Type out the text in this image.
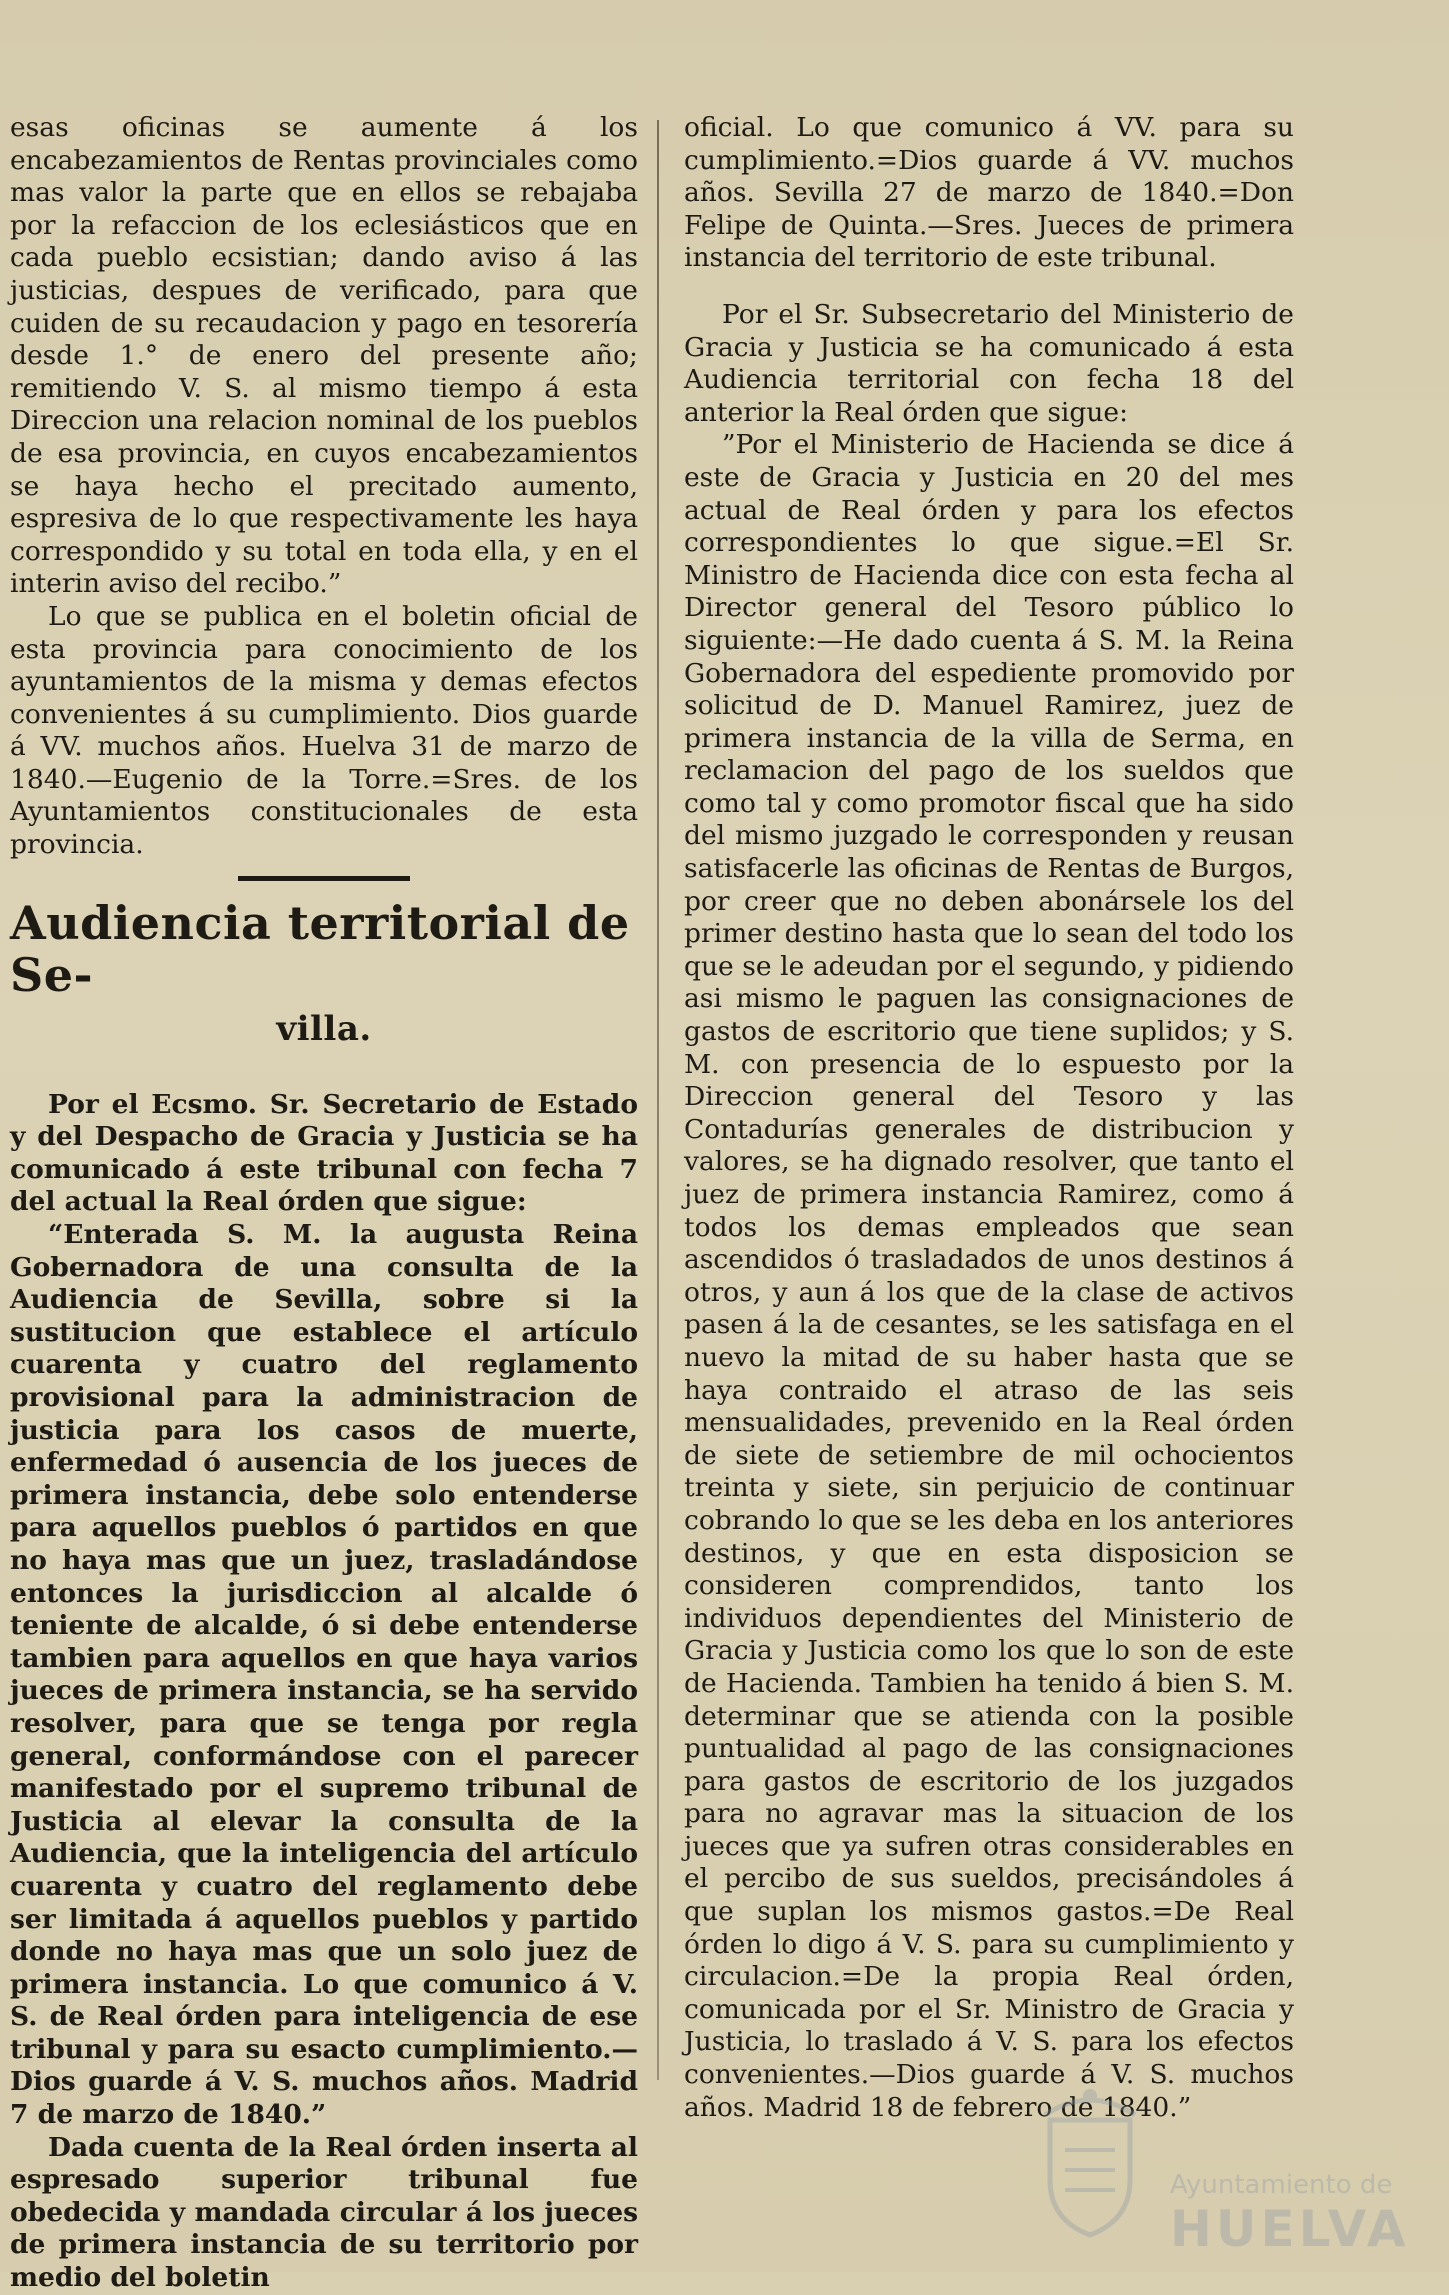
esas oficinas se aumente á los encabezamientos de Rentas provinciales como mas valor la parte que en ellos se rebajaba por la refaccion de los eclesiásticos que en cada pueblo ecsistian; dando aviso á las justicias, despues de verificado, para que cuiden de su recaudacion y pago en tesorería desde 1.° de enero del presente año; remitiendo V. S. al mismo tiempo á esta Direccion una relacion nominal de los pueblos de esa provincia, en cuyos encabezamientos se haya hecho el precitado aumento, espresiva de lo que respectivamente les haya correspondido y su total en toda ella, y en el interin aviso del recibo.”

Lo que se publica en el boletin oficial de esta provincia para conocimiento de los ayuntamientos de la misma y demas efectos convenientes á su cumplimiento. Dios guarde á VV. muchos años. Huelva 31 de marzo de 1840.—Eugenio de la Torre.=Sres. de los Ayuntamientos constitucionales de esta provincia.

Audiencia territorial de Se-
villa.

Por el Ecsmo. Sr. Secretario de Estado y del Despacho de Gracia y Justicia se ha comunicado á este tribunal con fecha 7 del actual la Real órden que sigue:

“Enterada S. M. la augusta Reina Gobernadora de una consulta de la Audiencia de Sevilla, sobre si la sustitucion que establece el artículo cuarenta y cuatro del reglamento provisional para la administracion de justicia para los casos de muerte, enfermedad ó ausencia de los jueces de primera instancia, debe solo entenderse para aquellos pueblos ó partidos en que no haya mas que un juez, trasladándose entonces la jurisdiccion al alcalde ó teniente de alcalde, ó si debe entenderse tambien para aquellos en que haya varios jueces de primera instancia, se ha servido resolver, para que se tenga por regla general, conformándose con el parecer manifestado por el supremo tribunal de Justicia al elevar la consulta de la Audiencia, que la inteligencia del artículo cuarenta y cuatro del reglamento debe ser limitada á aquellos pueblos y partido donde no haya mas que un solo juez de primera instancia. Lo que comunico á V. S. de Real órden para inteligencia de ese tribunal y para su esacto cumplimiento.—Dios guarde á V. S. muchos años. Madrid 7 de marzo de 1840.”

Dada cuenta de la Real órden inserta al espresado superior tribunal fue obedecida y mandada circular á los jueces de primera instancia de su territorio por medio del boletin

oficial. Lo que comunico á VV. para su cumplimiento.=Dios guarde á VV. muchos años. Sevilla 27 de marzo de 1840.=Don Felipe de Quinta.—Sres. Jueces de primera instancia del territorio de este tribunal.

Por el Sr. Subsecretario del Ministerio de Gracia y Justicia se ha comunicado á esta Audiencia territorial con fecha 18 del anterior la Real órden que sigue:

”Por el Ministerio de Hacienda se dice á este de Gracia y Justicia en 20 del mes actual de Real órden y para los efectos correspondientes lo que sigue.=El Sr. Ministro de Hacienda dice con esta fecha al Director general del Tesoro público lo siguiente:—He dado cuenta á S. M. la Reina Gobernadora del espediente promovido por solicitud de D. Manuel Ramirez, juez de primera instancia de la villa de Serma, en reclamacion del pago de los sueldos que como tal y como promotor fiscal que ha sido del mismo juzgado le corresponden y reusan satisfacerle las oficinas de Rentas de Burgos, por creer que no deben abonársele los del primer destino hasta que lo sean del todo los que se le adeudan por el segundo, y pidiendo asi mismo le paguen las consignaciones de gastos de escritorio que tiene suplidos; y S. M. con presencia de lo espuesto por la Direccion general del Tesoro y las Contadurías generales de distribucion y valores, se ha dignado resolver, que tanto el juez de primera instancia Ramirez, como á todos los demas empleados que sean ascendidos ó trasladados de unos destinos á otros, y aun á los que de la clase de activos pasen á la de cesantes, se les satisfaga en el nuevo la mitad de su haber hasta que se haya contraido el atraso de las seis mensualidades, prevenido en la Real órden de siete de setiembre de mil ochocientos treinta y siete, sin perjuicio de continuar cobrando lo que se les deba en los anteriores destinos, y que en esta disposicion se consideren comprendidos, tanto los individuos dependientes del Ministerio de Gracia y Justicia como los que lo son de este de Hacienda. Tambien ha tenido á bien S. M. determinar que se atienda con la posible puntualidad al pago de las consignaciones para gastos de escritorio de los juzgados para no agravar mas la situacion de los jueces que ya sufren otras considerables en el percibo de sus sueldos, precisándoles á que suplan los mismos gastos.=De Real órden lo digo á V. S. para su cumplimiento y circulacion.=De la propia Real órden, comunicada por el Sr. Ministro de Gracia y Justicia, lo traslado á V. S. para los efectos convenientes.—Dios guarde á V. S. muchos años. Madrid 18 de febrero de 1840.”

Ayuntamiento de
HUELVA
